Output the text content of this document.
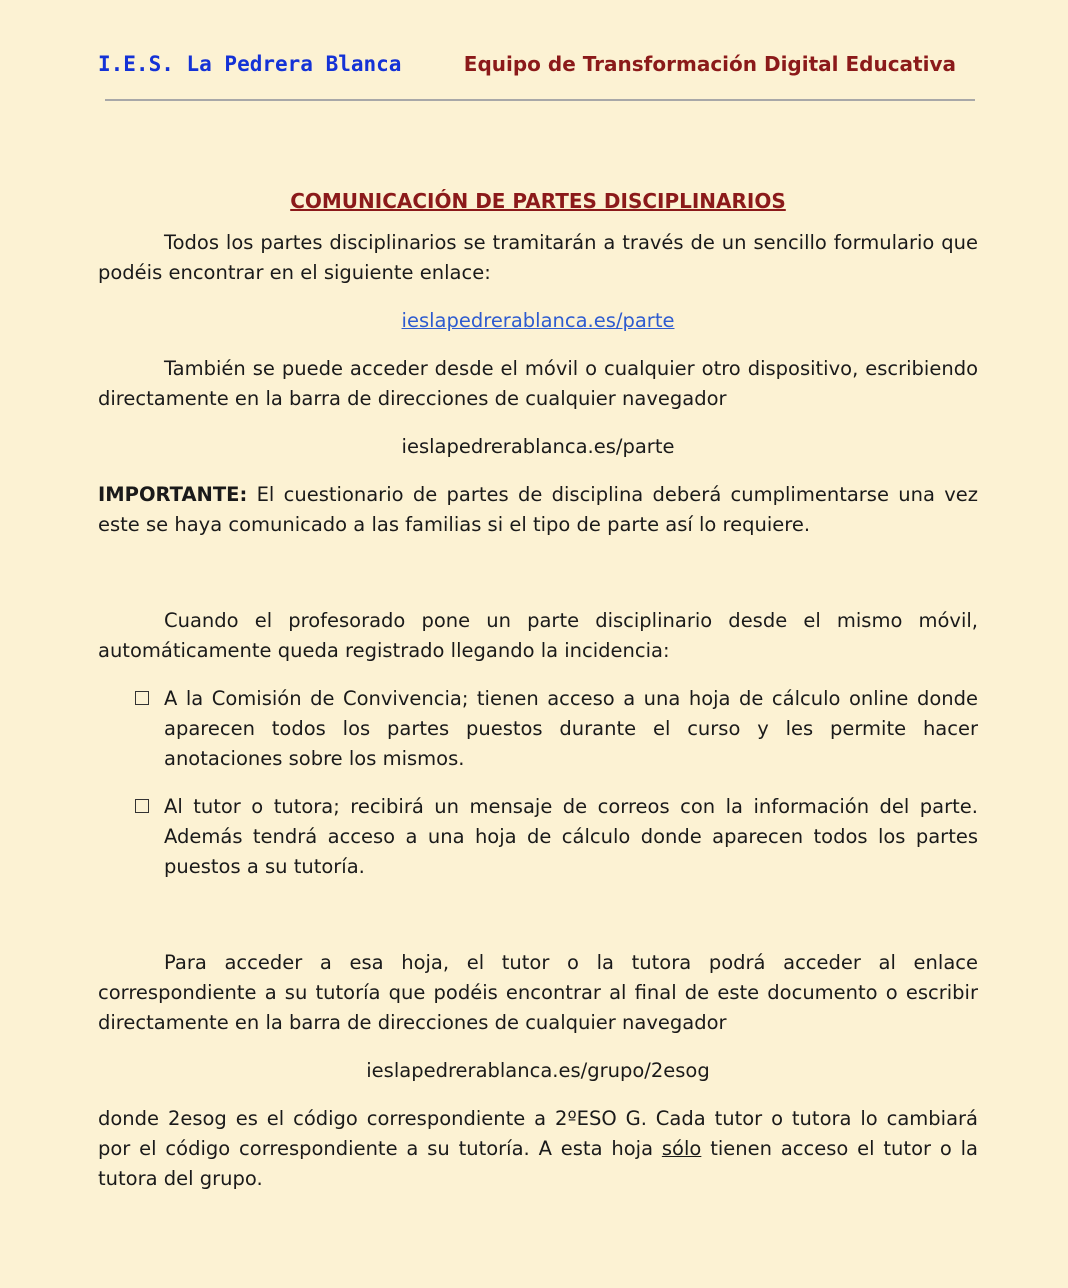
I.E.S. La Pedrera Blanca	Equipo de Transformación Digital Educativa
COMUNICACIÓN DE PARTES DISCIPLINARIOS

Todos los partes disciplinarios se tramitarán a través de un sencillo formulario que podéis encontrar en el siguiente enlace:

ieslapedrerablanca.es/parte

También se puede acceder desde el móvil o cualquier otro dispositivo, escribiendo directamente en la barra de direcciones de cualquier navegador

ieslapedrerablanca.es/parte

IMPORTANTE: El cuestionario de partes de disciplina deberá cumplimentarse una vez este se haya comunicado a las familias si el tipo de parte así lo requiere.

Cuando el profesorado pone un parte disciplinario desde el mismo móvil, automáticamente queda registrado llegando la incidencia:

A la Comisión de Convivencia; tienen acceso a una hoja de cálculo online donde aparecen todos los partes puestos durante el curso y les permite hacer anotaciones sobre los mismos.
Al tutor o tutora; recibirá un mensaje de correos con la información del parte. Además tendrá acceso a una hoja de cálculo donde aparecen todos los partes puestos a su tutoría.

Para acceder a esa hoja, el tutor o la tutora podrá acceder al enlace correspondiente a su tutoría que podéis encontrar al final de este documento o escribir directamente en la barra de direcciones de cualquier navegador

ieslapedrerablanca.es/grupo/2esog

donde 2esog es el código correspondiente a 2ºESO G. Cada tutor o tutora lo cambiará por el código correspondiente a su tutoría. A esta hoja sólo tienen acceso el tutor o la tutora del grupo.
